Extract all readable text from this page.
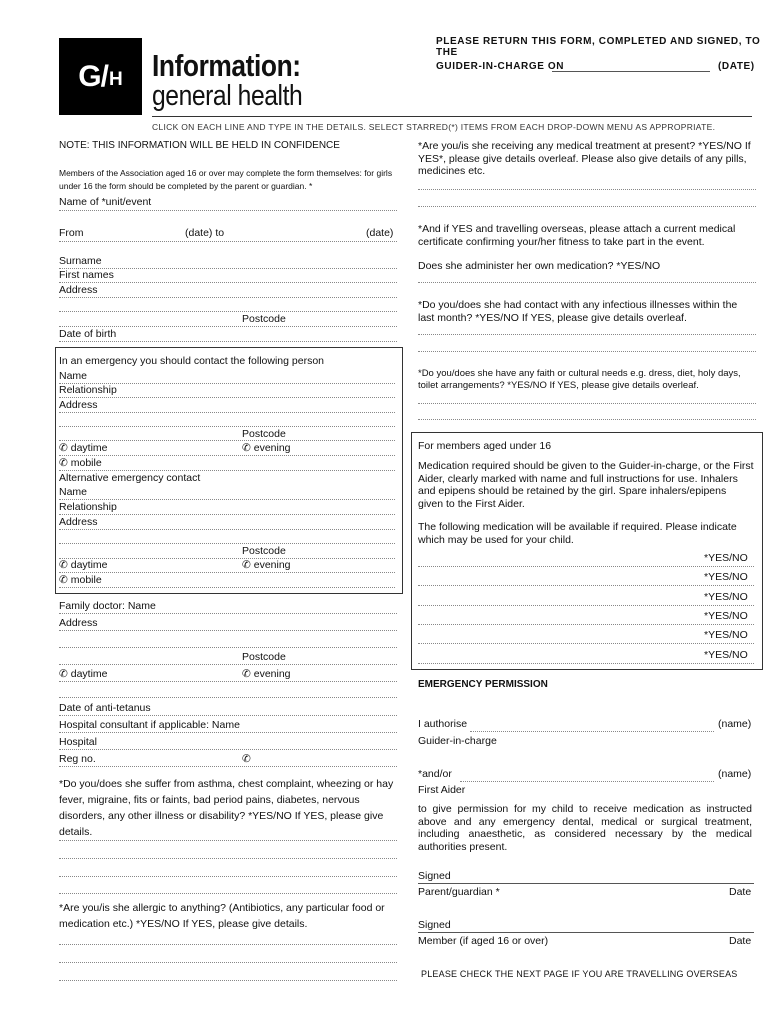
G/ H Information:
general health
PLEASE RETURN THIS FORM, COMPLETED AND SIGNED, TO THE
GUIDER-IN-CHARGE ON	(DATE)
CLICK ON EACH LINE AND TYPE IN THE DETAILS. SELECT STARRED(*) ITEMS FROM EACH DROP-DOWN MENU AS APPROPRIATE.
NOTE: THIS INFORMATION WILL BE HELD IN CONFIDENCE
Members of the Association aged 16 or over may complete the form themselves: for girls under 16 the form should be completed by the parent or guardian. *
Name of *unit/event
From	(date) to	(date)
Surname
First names
Address
Postcode
Date of birth
In an emergency you should contact the following person
Name
Relationship
Address
Postcode
✆ daytime	✆ evening
✆ mobile
Alternative emergency contact
Name
Relationship
Address
Postcode
✆ daytime	✆ evening
✆ mobile
Family doctor: Name
Address
Postcode
✆ daytime	✆ evening
Date of anti-tetanus
Hospital consultant if applicable: Name
Hospital
Reg no.	✆
*Do you/does she suffer from asthma, chest complaint, wheezing or hay fever, migraine, fits or faints, bad period pains, diabetes, nervous disorders, any other illness or disability? *YES/NO If YES, please give details.
*Are you/is she allergic to anything? (Antibiotics, any particular food or medication etc.) *YES/NO If YES, please give details.
*Are you/is she receiving any medical treatment at present? *YES/NO If YES*, please give details overleaf. Please also give details of any pills, medicines etc.
*And if YES and travelling overseas, please attach a current medical certificate confirming your/her fitness to take part in the event.
Does she administer her own medication? *YES/NO
*Do you/does she had contact with any infectious illnesses within the last month? *YES/NO If YES, please give details overleaf.
*Do you/does she have any faith or cultural needs e.g. dress, diet, holy days, toilet arrangements? *YES/NO If YES, please give details overleaf.
For members aged under 16
Medication required should be given to the Guider-in-charge, or the First Aider, clearly marked with name and full instructions for use. Inhalers and epipens should be retained by the girl. Spare inhalers/epipens given to the First Aider.
The following medication will be available if required. Please indicate which may be used for your child.
*YES/NO
*YES/NO
*YES/NO
*YES/NO
*YES/NO
*YES/NO
EMERGENCY PERMISSION
I authorise	(name)
Guider-in-charge
*and/or	(name)
First Aider
to give permission for my child to receive medication as instructed above and any emergency dental, medical or surgical treatment, including anaesthetic, as considered necessary by the medical authorities present.
Signed
Parent/guardian *	Date
Signed
Member (if aged 16 or over)	Date
PLEASE CHECK THE NEXT PAGE IF YOU ARE TRAVELLING OVERSEAS
